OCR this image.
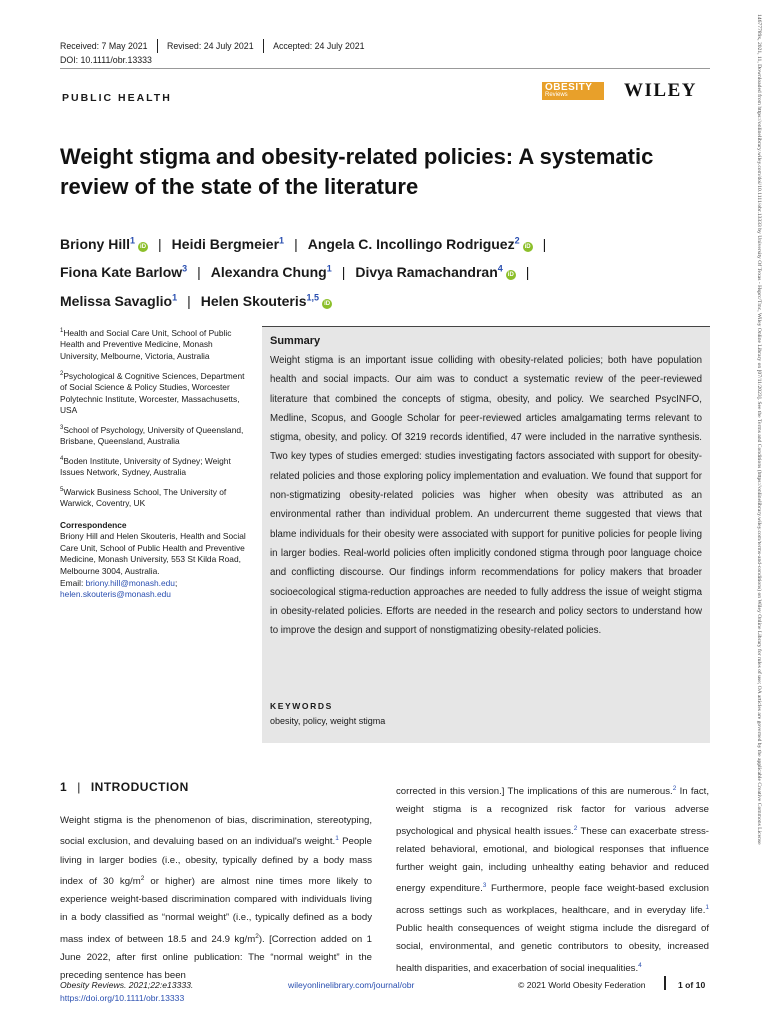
14677789x, 2021, 11, Downloaded from https://onlinelibrary.wiley.com/doi/10.1111/obr.13333 by University Of Texas - Hsprc/Tmc, Wiley Online Library on [07/11/2023]. See the Terms and Conditions (https://onlinelibrary.wiley.com/terms-and-conditions) on Wiley Online Library for rules of use; OA articles are governed by the applicable Creative Commons License
Received: 7 May 2021 Revised: 24 July 2021 Accepted: 24 July 2021
DOI: 10.1111/obr.13333
PUBLIC HEALTH
OBESITY
Reviews	WILEY
Weight stigma and obesity-related policies: A systematic review of the state of the literature
Briony Hill$^1$iD | Heidi Bergmeier$^1$ | Angela C. Incollingo Rodriguez$^2$iD |
Fiona Kate Barlow$^3$ | Alexandra Chung$^1$ | Divya Ramachandran$^4$iD |
Melissa Savaglio$^1$ | Helen Skouteris$^{1,5}$iD

$^1$Health and Social Care Unit, School of Public Health and Preventive Medicine, Monash University, Melbourne, Victoria, Australia

$^2$Psychological & Cognitive Sciences, Department of Social Science & Policy Studies, Worcester Polytechnic Institute, Worcester, Massachusetts, USA

$^3$School of Psychology, University of Queensland, Brisbane, Queensland, Australia

$^4$Boden Institute, University of Sydney; Weight Issues Network, Sydney, Australia

$^5$Warwick Business School, The University of Warwick, Coventry, UK

Correspondence

Briony Hill and Helen Skouteris, Health and Social Care Unit, School of Public Health and Preventive Medicine, Monash University, 553 St Kilda Road, Melbourne 3004, Australia.
Email: briony.hill@monash.edu;
helen.skouteris@monash.edu

Summary
Weight stigma is an important issue colliding with obesity-related policies; both have population health and social impacts. Our aim was to conduct a systematic review of the peer-reviewed literature that combined the concepts of stigma, obesity, and policy. We searched PsycINFO, Medline, Scopus, and Google Scholar for peer-reviewed articles amalgamating terms relevant to stigma, obesity, and policy. Of 3219 records identified, 47 were included in the narrative synthesis. Two key types of studies emerged: studies investigating factors associated with support for obesity-related policies and those exploring policy implementation and evaluation. We found that support for non-stigmatizing obesity-related policies was higher when obesity was attributed as an environmental rather than individual problem. An undercurrent theme suggested that views that blame individuals for their obesity were associated with support for punitive policies for people living in larger bodies. Real-world policies often implicitly condoned stigma through poor language choice and conflicting discourse. Our findings inform recommendations for policy makers that broader socioecological stigma-reduction approaches are needed to fully address the issue of weight stigma in obesity-related policies. Efforts are needed in the research and policy sectors to understand how to improve the design and support of nonstigmatizing obesity-related policies.
KEYWORDS
obesity, policy, weight stigma
1 | INTRODUCTION
Weight stigma is the phenomenon of bias, discrimination, stereotyping, social exclusion, and devaluing based on an individual's weight.$^1$ People living in larger bodies (i.e., obesity, typically defined by a body mass index of 30 $kg/m^2$ or higher) are almost nine times more likely to experience weight-based discrimination compared with individuals living in a body classified as “normal weight” (i.e., typically defined as a body mass index of between 18.5 and 24.9 $kg/m^2$). [Correction added on 1 June 2022, after first online publication: The “normal weight” in the preceding sentence has been
corrected in this version.] The implications of this are numerous.$^2$ In fact, weight stigma is a recognized risk factor for various adverse psychological and physical health issues.$^2$ These can exacerbate stress-related behavioral, emotional, and biological responses that influence further weight gain, including unhealthy eating behavior and reduced energy expenditure.$^3$ Furthermore, people face weight-based exclusion across settings such as workplaces, healthcare, and in everyday life.$^1$ Public health consequences of weight stigma include the disregard of social, environmental, and genetic contributors to obesity, increased health disparities, and exacerbation of social inequalities.$^4$
Obesity Reviews. 2021;22:e13333.
https://doi.org/10.1111/obr.13333
wileyonlinelibrary.com/journal/obr	© 2021 World Obesity Federation	1 of 10
